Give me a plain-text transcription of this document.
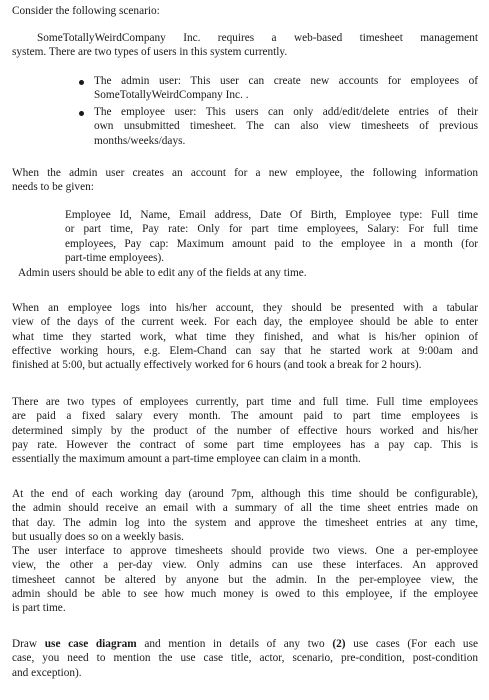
Consider the following scenario:
SomeTotallyWeirdCompany Inc. requires a web-based timesheet management
system. There are two types of users in this system currently.
The admin user: This user can create new accounts for employees of
SomeTotallyWeirdCompany Inc. .
The employee user: This users can only add/edit/delete entries of their
own unsubmitted timesheet. The can also view timesheets of previous
months/weeks/days.
When the admin user creates an account for a new employee, the following information
needs to be given:
Employee Id, Name, Email address, Date Of Birth, Employee type: Full time
or part time, Pay rate: Only for part time employees, Salary: For full time
employees, Pay cap: Maximum amount paid to the employee in a month (for
part-time employees).
Admin users should be able to edit any of the fields at any time.
When an employee logs into his/her account, they should be presented with a tabular
view of the days of the current week. For each day, the employee should be able to enter
what time they started work, what time they finished, and what is his/her opinion of
effective working hours, e.g. Elem-Chand can say that he started work at 9:00am and
finished at 5:00, but actually effectively worked for 6 hours (and took a break for 2 hours).
There are two types of employees currently, part time and full time. Full time employees
are paid a fixed salary every month. The amount paid to part time employees is
determined simply by the product of the number of effective hours worked and his/her
pay rate. However the contract of some part time employees has a pay cap. This is
essentially the maximum amount a part-time employee can claim in a month.
At the end of each working day (around 7pm, although this time should be configurable),
the admin should receive an email with a summary of all the time sheet entries made on
that day. The admin log into the system and approve the timesheet entries at any time,
but usually does so on a weekly basis.
The user interface to approve timesheets should provide two views. One a per-employee
view, the other a per-day view. Only admins can use these interfaces. An approved
timesheet cannot be altered by anyone but the admin. In the per-employee view, the
admin should be able to see how much money is owed to this employee, if the employee
is part time.
Draw use case diagram and mention in details of any two (2) use cases (For each use
case, you need to mention the use case title, actor, scenario, pre-condition, post-condition
and exception).
